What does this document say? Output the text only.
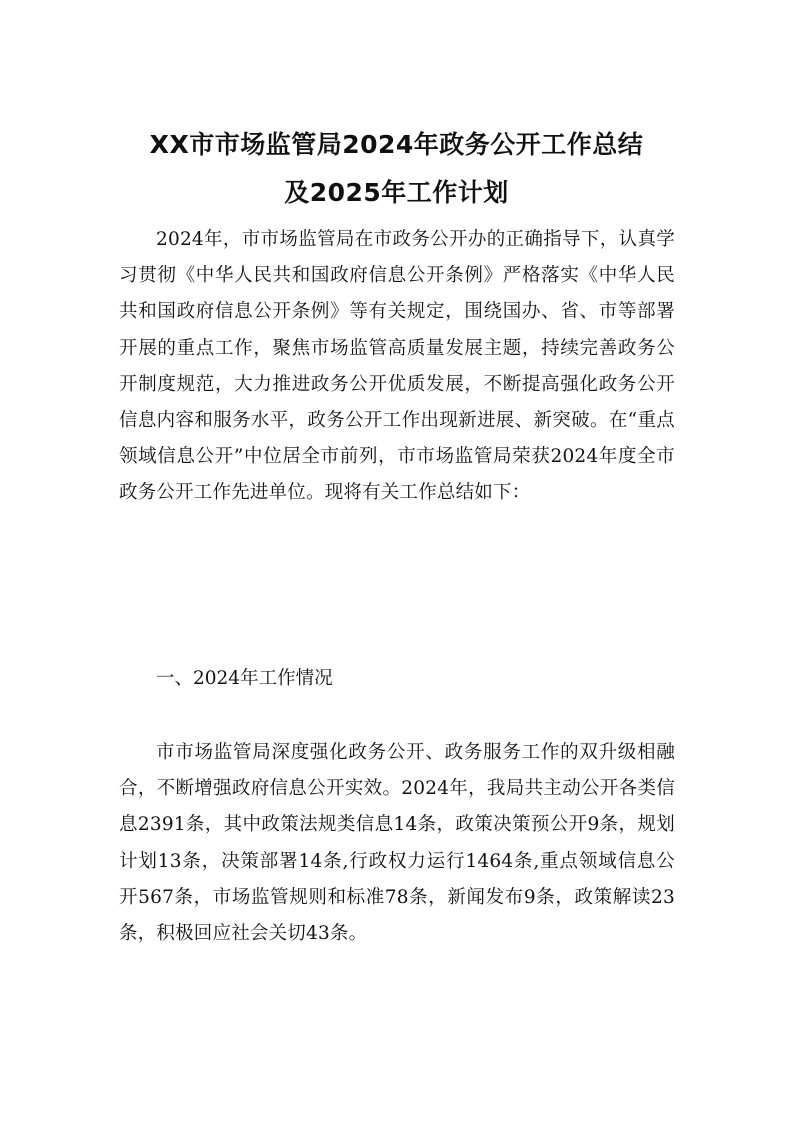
XX市市场监管局2024年政务公开工作总结
及2025年工作计划

2024年，市市场监管局在市政务公开办的正确指导下，认真学习贯彻《中华人民共和国政府信息公开条例》严格落实《中华人民共和国政府信息公开条例》等有关规定，围绕国办、省、市等部署开展的重点工作，聚焦市场监管高质量发展主题，持续完善政务公开制度规范，大力推进政务公开优质发展，不断提高强化政务公开信息内容和服务水平，政务公开工作出现新进展、新突破。在“重点领域信息公开”中位居全市前列，市市场监管局荣获2024年度全市政务公开工作先进单位。现将有关工作总结如下：

一、2024年工作情况

市市场监管局深度强化政务公开、政务服务工作的双升级相融合，不断增强政府信息公开实效。2024年，我局共主动公开各类信息2391条，其中政策法规类信息14条，政策决策预公开9条，规划计划13条，决策部署14条,行政权力运行1464条,重点领域信息公开567条，市场监管规则和标准78条，新闻发布9条，政策解读23条，积极回应社会关切43条。
